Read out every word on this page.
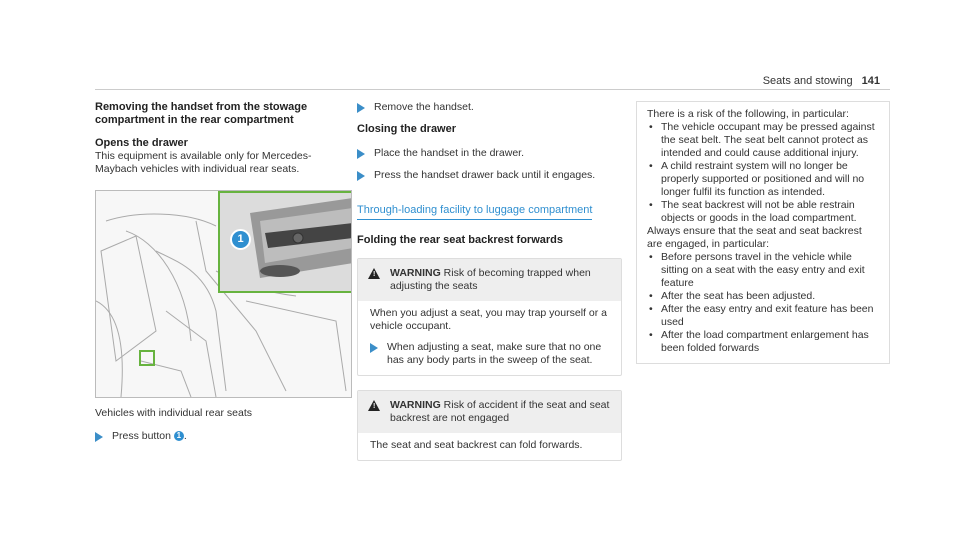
Seats and stowing 141
Removing the handset from the stowage compartment in the rear compartment
Opens the drawer

This equipment is available only for Mercedes-Maybach vehicles with individual rear seats.

1

Vehicles with individual rear seats

Press button 1 .
Remove the handset.
Closing the drawer
Place the handset in the drawer.
Press the handset drawer back until it engages.
Through-loading facility to luggage compartment
Folding the rear seat backrest forwards
! WARNING Risk of becoming trapped when adjusting the seats

When you adjust a seat, you may trap yourself or a vehicle occupant.

When adjusting a seat, make sure that no one has any body parts in the sweep of the seat.
! WARNING Risk of accident if the seat and seat backrest are not engaged

The seat and seat backrest can fold forwards.

There is a risk of the following, in particular:

• The vehicle occupant may be pressed against the seat belt. The seat belt cannot protect as intended and could cause additional injury.
• A child restraint system will no longer be properly supported or positioned and will no longer fulfil its function as intended.
• The seat backrest will not be able restrain objects or goods in the load compartment.

Always ensure that the seat and seat backrest are engaged, in particular:

• Before persons travel in the vehicle while sitting on a seat with the easy entry and exit feature
• After the seat has been adjusted.
• After the easy entry and exit feature has been used
• After the load compartment enlargement has been folded forwards
